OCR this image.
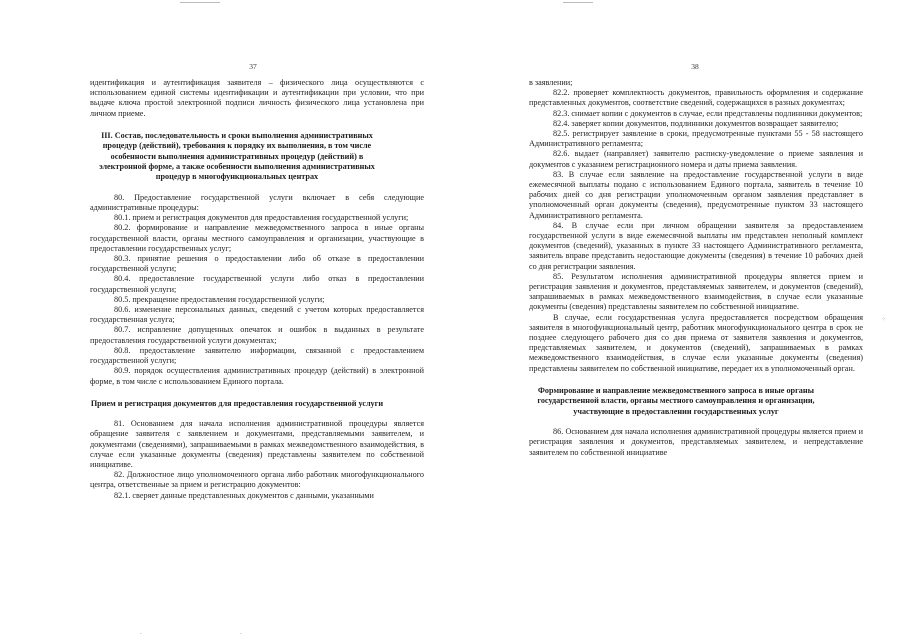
37

идентификация и аутентификация заявителя – физического лица осуществляются с использованием единой системы идентификации и аутентификации при условии, что при выдаче ключа простой электронной подписи личность физического лица установлена при личном приеме.

III. Состав, последовательность и сроки выполнения административных процедур (действий), требования к порядку их выполнения, в том числе особенности выполнения административных процедур (действий) в электронной форме, а также особенности выполнения административных процедур в многофункциональных центрах

80. Предоставление государственной услуги включает в себя следующие административные процедуры:

80.1. прием и регистрация документов для предоставления государственной услуги;

80.2. формирование и направление межведомственного запроса в иные органы государственной власти, органы местного самоуправления и организации, участвующие в предоставлении государственных услуг;

80.3. принятие решения о предоставлении либо об отказе в предоставлении государственной услуги;

80.4. предоставление государственной услуги либо отказ в предоставлении государственной услуги;

80.5. прекращение предоставления государственной услуги;

80.6. изменение персональных данных, сведений с учетом которых предоставляется государственная услуга;

80.7. исправление допущенных опечаток и ошибок в выданных в результате предоставления государственной услуги документах;

80.8. предоставление заявителю информации, связанной с предоставлением государственной услуги;

80.9. порядок осуществления административных процедур (действий) в электронной форме, в том числе с использованием Единого портала.

Прием и регистрация документов для предоставления государственной услуги

81. Основанием для начала исполнения административной процедуры является обращение заявителя с заявлением и документами, представляемыми заявителем, и документами (сведениями), запрашиваемыми в рамках межведомственного взаимодействия, в случае если указанные документы (сведения) представлены заявителем по собственной инициативе.

82. Должностное лицо уполномоченного органа либо работник многофункционального центра, ответственные за прием и регистрацию документов:

82.1. сверяет данные представленных документов с данными, указанными

.	.
38

в заявлении;

82.2. проверяет комплектность документов, правильность оформления и содержание представленных документов, соответствие сведений, содержащихся в разных документах;

82.3. снимает копии с документов в случае, если представлены подлинники документов;

82.4. заверяет копии документов, подлинники документов возвращает заявителю;

82.5. регистрирует заявление в сроки, предусмотренные пунктами 55 - 58 настоящего Административного регламента;

82.6. выдает (направляет) заявителю расписку-уведомление о приеме заявления и документов с указанием регистрационного номера и даты приема заявления.

83. В случае если заявление на предоставление государственной услуги в виде ежемесячной выплаты подано с использованием Единого портала, заявитель в течение 10 рабочих дней со дня регистрации уполномоченным органом заявления представляет в уполномоченный орган документы (сведения), предусмотренные пунктом 33 настоящего Административного регламента.

84. В случае если при личном обращении заявителя за предоставлением государственной услуги в виде ежемесячной выплаты им представлен неполный комплект документов (сведений), указанных в пункте 33 настоящего Административного регламента, заявитель вправе представить недостающие документы (сведения) в течение 10 рабочих дней со дня регистрации заявления.

85. Результатом исполнения административной процедуры является прием и регистрация заявления и документов, представляемых заявителем, и документов (сведений), запрашиваемых в рамках межведомственного взаимодействия, в случае если указанные документы (сведения) представлены заявителем по собственной инициативе.

В случае, если государственная услуга предоставляется посредством обращения заявителя в многофункциональный центр, работник многофункционального центра в срок не позднее следующего рабочего дня со дня приема от заявителя заявления и документов, представляемых заявителем, и документов (сведений), запрашиваемых в рамках межведомственного взаимодействия, в случае если указанные документы (сведения) представлены заявителем по собственной инициативе, передает их в уполномоченный орган.

Формирование и направление межведомственного запроса в иные органы государственной власти, органы местного самоуправления и организации, участвующие в предоставлении государственных услуг

86. Основанием для начала исполнения административной процедуры является прием и регистрация заявления и документов, представляемых заявителем, и непредставление заявителем по собственной инициативе

⁘
